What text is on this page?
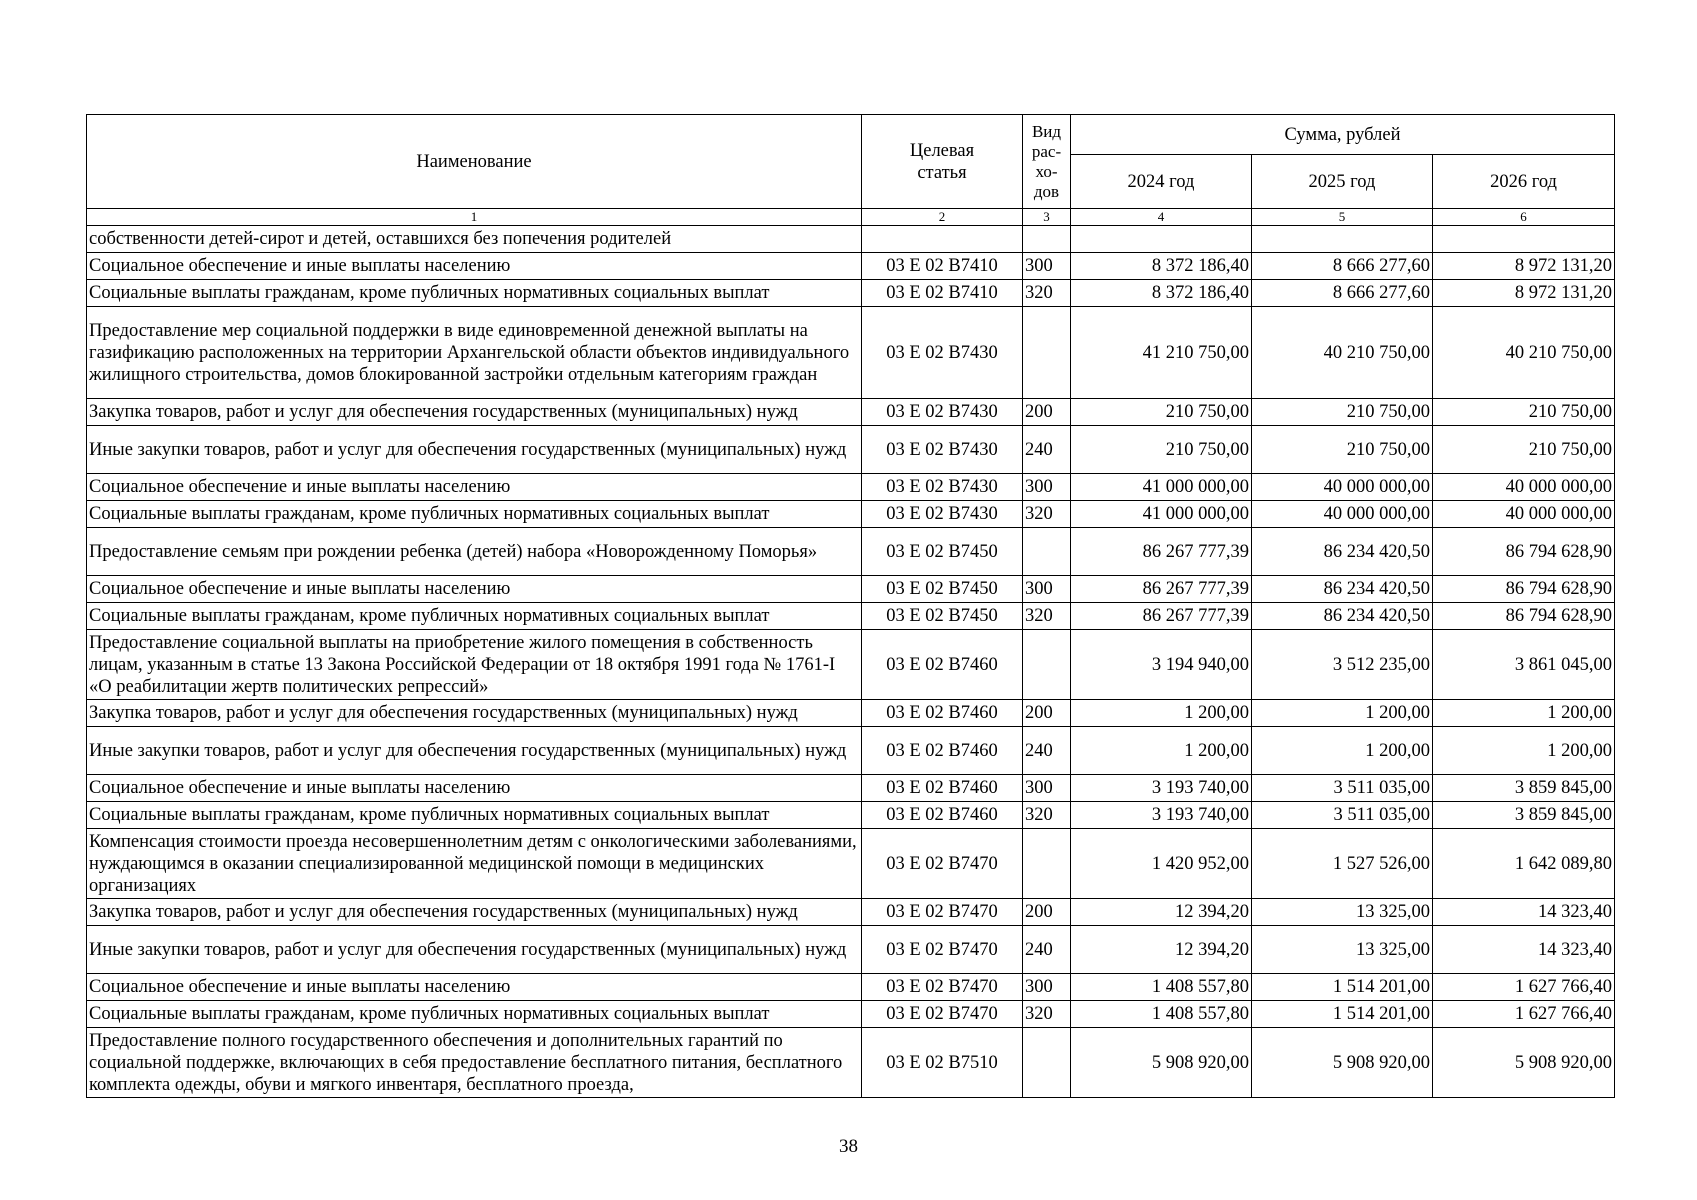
Наименование	Целевая статья	Вид рас-хо-дов	Сумма, рублей		
			2024 год	2025 год	2026 год
1	2	3	4	5	6
собственности детей-сирот и детей, оставшихся без попечения родителей					
Социальное обеспечение и иные выплаты населению	03 Е 02 В7410	300	8 372 186,40	8 666 277,60	8 972 131,20
Социальные выплаты гражданам, кроме публичных нормативных социальных выплат	03 Е 02 В7410	320	8 372 186,40	8 666 277,60	8 972 131,20
Предоставление мер социальной поддержки в виде единовременной денежной выплаты на газификацию расположенных на территории Архангельской области объектов индивидуального жилищного строительства, домов блокированной застройки отдельным категориям граждан	03 Е 02 В7430		41 210 750,00	40 210 750,00	40 210 750,00
Закупка товаров, работ и услуг для обеспечения государственных (муниципальных) нужд	03 Е 02 В7430	200	210 750,00	210 750,00	210 750,00
Иные закупки товаров, работ и услуг для обеспечения государственных (муниципальных) нужд	03 Е 02 В7430	240	210 750,00	210 750,00	210 750,00
Социальное обеспечение и иные выплаты населению	03 Е 02 В7430	300	41 000 000,00	40 000 000,00	40 000 000,00
Социальные выплаты гражданам, кроме публичных нормативных социальных выплат	03 Е 02 В7430	320	41 000 000,00	40 000 000,00	40 000 000,00
Предоставление семьям при рождении ребенка (детей) набора «Новорожденному Поморья»	03 Е 02 В7450		86 267 777,39	86 234 420,50	86 794 628,90
Социальное обеспечение и иные выплаты населению	03 Е 02 В7450	300	86 267 777,39	86 234 420,50	86 794 628,90
Социальные выплаты гражданам, кроме публичных нормативных социальных выплат	03 Е 02 В7450	320	86 267 777,39	86 234 420,50	86 794 628,90
Предоставление социальной выплаты на приобретение жилого помещения в собственность лицам, указанным в статье 13 Закона Российской Федерации от 18 октября 1991 года № 1761-I «О реабилитации жертв политических репрессий»	03 Е 02 В7460		3 194 940,00	3 512 235,00	3 861 045,00
Закупка товаров, работ и услуг для обеспечения государственных (муниципальных) нужд	03 Е 02 В7460	200	1 200,00	1 200,00	1 200,00
Иные закупки товаров, работ и услуг для обеспечения государственных (муниципальных) нужд	03 Е 02 В7460	240	1 200,00	1 200,00	1 200,00
Социальное обеспечение и иные выплаты населению	03 Е 02 В7460	300	3 193 740,00	3 511 035,00	3 859 845,00
Социальные выплаты гражданам, кроме публичных нормативных социальных выплат	03 Е 02 В7460	320	3 193 740,00	3 511 035,00	3 859 845,00
Компенсация стоимости проезда несовершеннолетним детям с онкологическими заболеваниями, нуждающимся в оказании специализированной медицинской помощи в медицинских организациях	03 Е 02 В7470		1 420 952,00	1 527 526,00	1 642 089,80
Закупка товаров, работ и услуг для обеспечения государственных (муниципальных) нужд	03 Е 02 В7470	200	12 394,20	13 325,00	14 323,40
Иные закупки товаров, работ и услуг для обеспечения государственных (муниципальных) нужд	03 Е 02 В7470	240	12 394,20	13 325,00	14 323,40
Социальное обеспечение и иные выплаты населению	03 Е 02 В7470	300	1 408 557,80	1 514 201,00	1 627 766,40
Социальные выплаты гражданам, кроме публичных нормативных социальных выплат	03 Е 02 В7470	320	1 408 557,80	1 514 201,00	1 627 766,40
Предоставление полного государственного обеспечения и дополнительных гарантий по социальной поддержке, включающих в себя предоставление бесплатного питания, бесплатного комплекта одежды, обуви и мягкого инвентаря, бесплатного проезда,	03 Е 02 В7510		5 908 920,00	5 908 920,00	5 908 920,00
38
